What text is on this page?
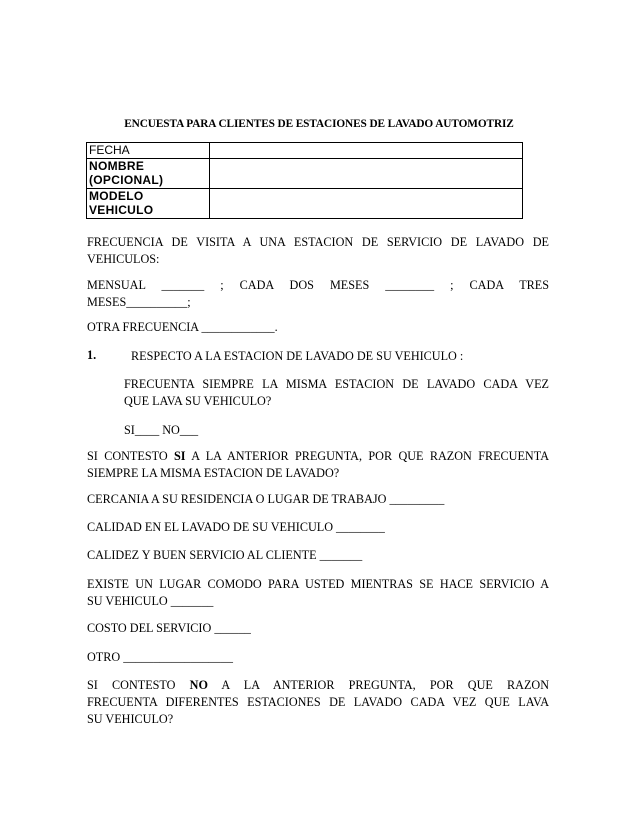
ENCUESTA PARA CLIENTES DE ESTACIONES DE LAVADO AUTOMOTRIZ
FECHA	
NOMBRE
(OPCIONAL)	
MODELO
VEHICULO	
FRECUENCIA DE VISITA A UNA ESTACION DE SERVICIO DE LAVADO DE
VEHICULOS:
MENSUAL _______ ; CADA DOS MESES ________ ; CADA TRES
MESES__________;
OTRA FRECUENCIA ____________.
1.	RESPECTO A LA ESTACION DE LAVADO DE SU VEHICULO :
FRECUENTA SIEMPRE LA MISMA ESTACION DE LAVADO CADA VEZ
QUE LAVA SU VEHICULO?
SI____ NO___
SI CONTESTO SI A LA ANTERIOR PREGUNTA, POR QUE RAZON FRECUENTA
SIEMPRE LA MISMA ESTACION DE LAVADO?
CERCANIA A SU RESIDENCIA O LUGAR DE TRABAJO _________
CALIDAD EN EL LAVADO DE SU VEHICULO ________
CALIDEZ Y BUEN SERVICIO AL CLIENTE _______
EXISTE UN LUGAR COMODO PARA USTED MIENTRAS SE HACE SERVICIO A
SU VEHICULO _______
COSTO DEL SERVICIO ______
OTRO __________________
SI CONTESTO NO A LA ANTERIOR PREGUNTA, POR QUE RAZON
FRECUENTA DIFERENTES ESTACIONES DE LAVADO CADA VEZ QUE LAVA
SU VEHICULO?
